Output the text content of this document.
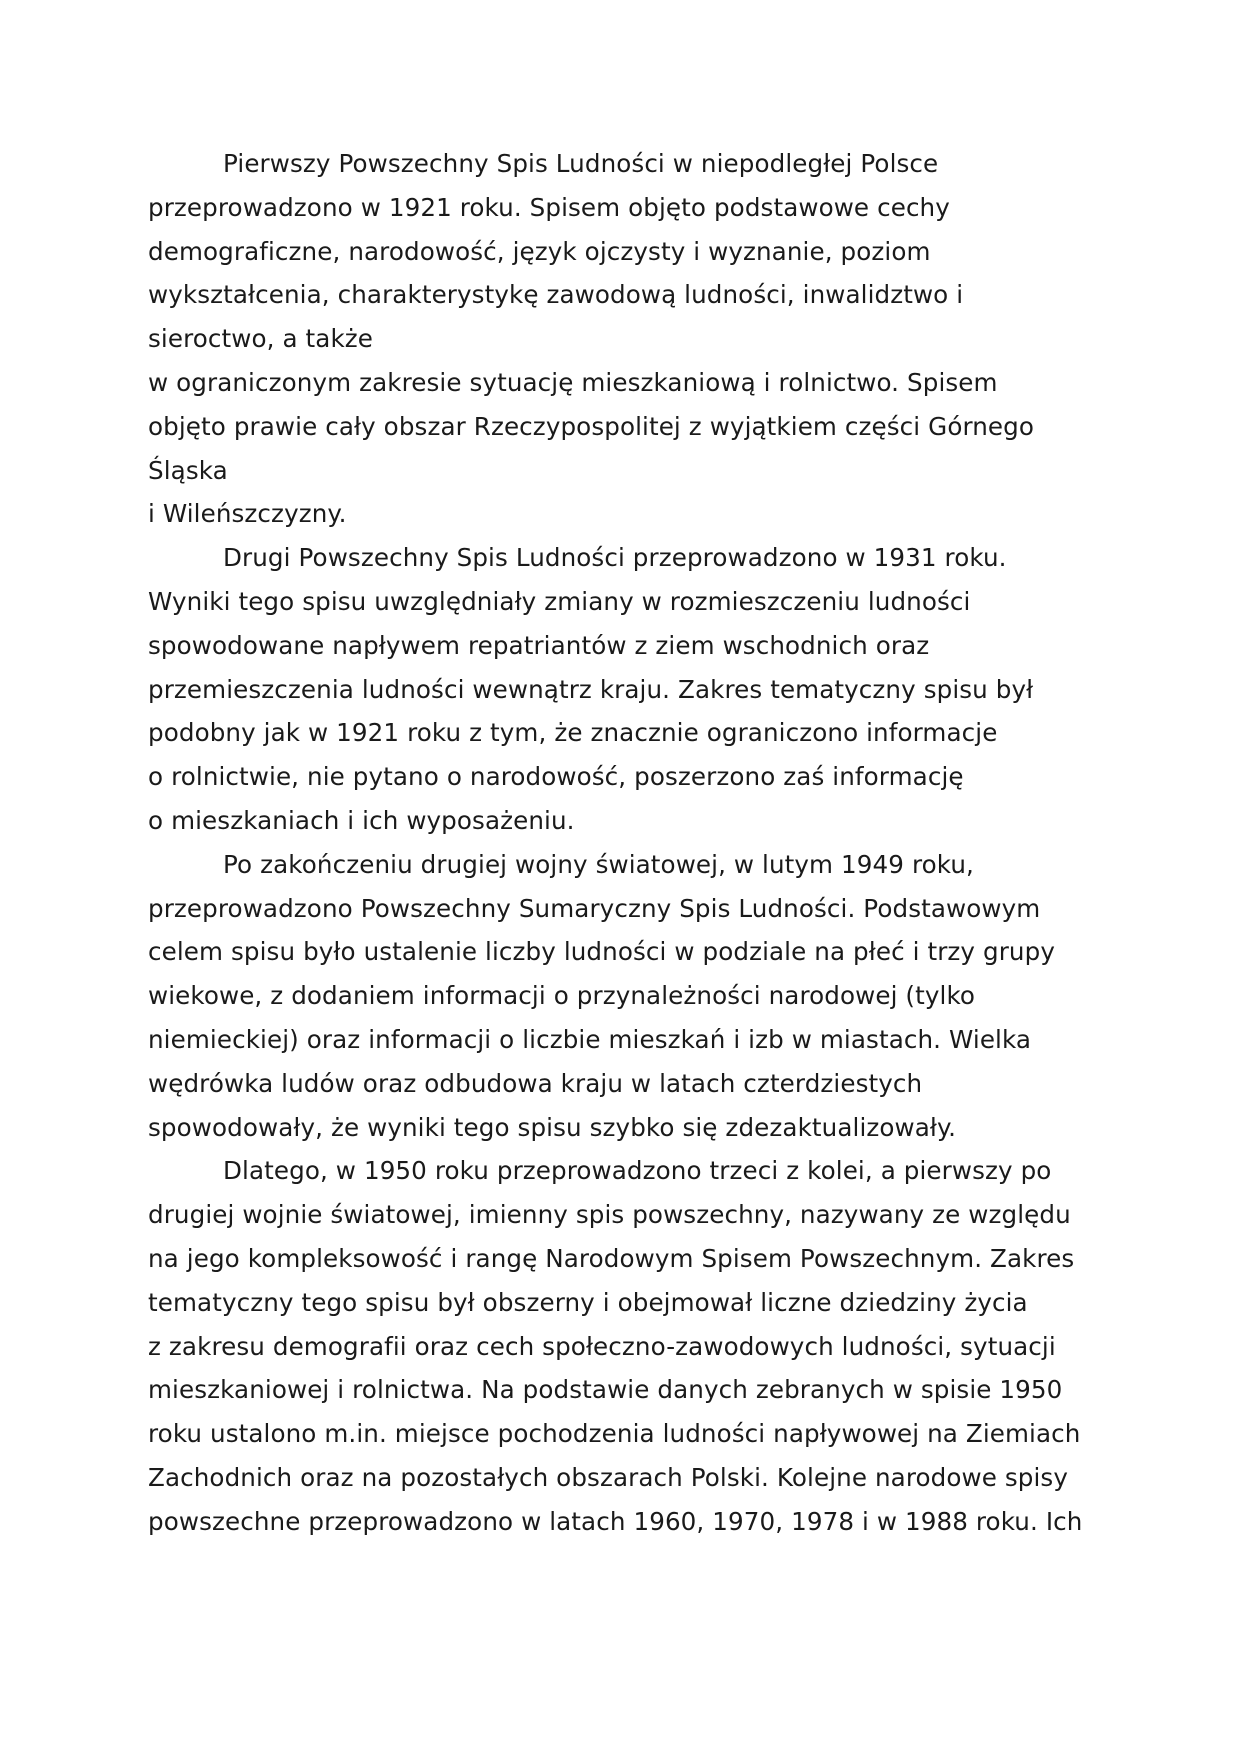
Pierwszy Powszechny Spis Ludności w niepodległej Polsce
przeprowadzono w 1921 roku. Spisem objęto podstawowe cechy
demograficzne, narodowość, język ojczysty i wyznanie, poziom
wykształcenia, charakterystykę zawodową ludności, inwalidztwo i
sieroctwo, a także
w ograniczonym zakresie sytuację mieszkaniową i rolnictwo. Spisem
objęto prawie cały obszar Rzeczypospolitej z wyjątkiem części Górnego
Śląska
i Wileńszczyzny.
Drugi Powszechny Spis Ludności przeprowadzono w 1931 roku.
Wyniki tego spisu uwzględniały zmiany w rozmieszczeniu ludności
spowodowane napływem repatriantów z ziem wschodnich oraz
przemieszczenia ludności wewnątrz kraju. Zakres tematyczny spisu był
podobny jak w 1921 roku z tym, że znacznie ograniczono informacje
o rolnictwie, nie pytano o narodowość, poszerzono zaś informację
o mieszkaniach i ich wyposażeniu.
Po zakończeniu drugiej wojny światowej, w lutym 1949 roku,
przeprowadzono Powszechny Sumaryczny Spis Ludności. Podstawowym
celem spisu było ustalenie liczby ludności w podziale na płeć i trzy grupy
wiekowe, z dodaniem informacji o przynależności narodowej (tylko
niemieckiej) oraz informacji o liczbie mieszkań i izb w miastach. Wielka
wędrówka ludów oraz odbudowa kraju w latach czterdziestych
spowodowały, że wyniki tego spisu szybko się zdezaktualizowały.
Dlatego, w 1950 roku przeprowadzono trzeci z kolei, a pierwszy po
drugiej wojnie światowej, imienny spis powszechny, nazywany ze względu
na jego kompleksowość i rangę Narodowym Spisem Powszechnym. Zakres
tematyczny tego spisu był obszerny i obejmował liczne dziedziny życia
z zakresu demografii oraz cech społeczno-zawodowych ludności, sytuacji
mieszkaniowej i rolnictwa. Na podstawie danych zebranych w spisie 1950
roku ustalono m.in. miejsce pochodzenia ludności napływowej na Ziemiach
Zachodnich oraz na pozostałych obszarach Polski. Kolejne narodowe spisy
powszechne przeprowadzono w latach 1960, 1970, 1978 i w 1988 roku. Ich
